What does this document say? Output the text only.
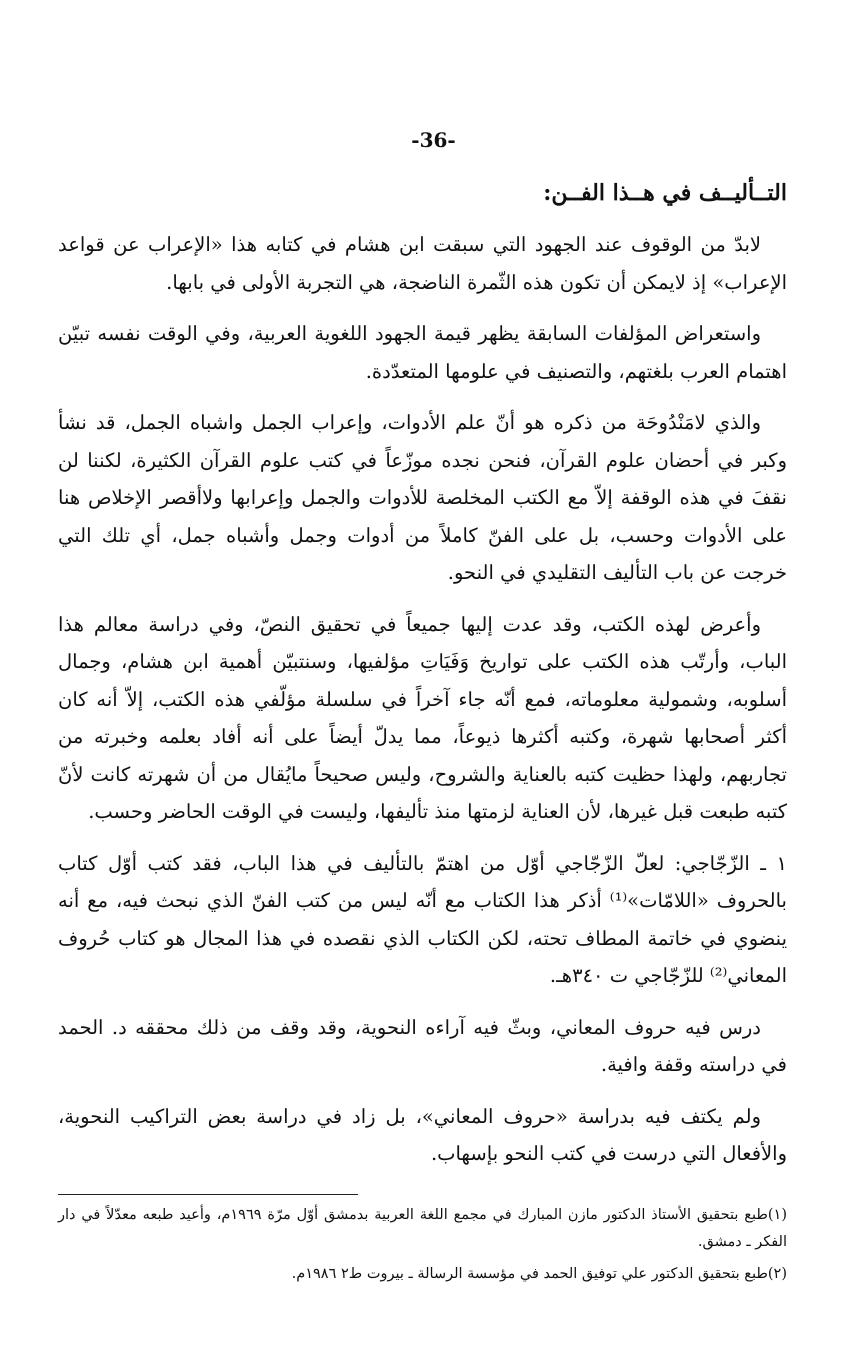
-36-
التــأليــف في هــذا الفــن:

لابدّ من الوقوف عند الجهود التي سبقت ابن هشام في كتابه هذا «الإعراب عن قواعد الإعراب» إذ لايمكن أن تكون هذه الثّمرة الناضجة، هي التجربة الأولى في بابها.

واستعراض المؤلفات السابقة يظهر قيمة الجهود اللغوية العربية، وفي الوقت نفسه تبيّن اهتمام العرب بلغتهم، والتصنيف في علومها المتعدّدة.

والذي لامَنْدُوحَة من ذكره هو أنّ علم الأدوات، وإعراب الجمل واشباه الجمل، قد نشأ وكبر في أحضان علوم القرآن، فنحن نجده موزّعاً في كتب علوم القرآن الكثيرة، لكننا لن نقفَ في هذه الوقفة إلاّ مع الكتب المخلصة للأدوات والجمل وإعرابها ولاأقصر الإخلاص هنا على الأدوات وحسب، بل على الفنّ كاملاً من أدوات وجمل وأشباه جمل، أي تلك التي خرجت عن باب التأليف التقليدي في النحو.

وأعرض لهذه الكتب، وقد عدت إليها جميعاً في تحقيق النصّ، وفي دراسة معالم هذا الباب، وأرتّب هذه الكتب على تواريخ وَفَيَاتِ مؤلفيها، وسنتبيّن أهمية ابن هشام، وجمال أسلوبه، وشمولية معلوماته، فمع أنّه جاء آخراً في سلسلة مؤلّفي هذه الكتب، إلاّ أنه كان أكثر أصحابها شهرة، وكتبه أكثرها ذيوعاً، مما يدلّ أيضاً على أنه أفاد بعلمه وخبرته من تجاربهم، ولهذا حظيت كتبه بالعناية والشروح، وليس صحيحاً مايُقال من أن شهرته كانت لأنّ كتبه طبعت قبل غيرها، لأن العناية لزمتها منذ تأليفها، وليست في الوقت الحاضر وحسب.

١ ـ الزّجّاجي: لعلّ الزّجّاجي أوّل من اهتمّ بالتأليف في هذا الباب، فقد كتب أوّل كتاب بالحروف «اللامّات»⁽¹⁾ أذكر هذا الكتاب مع أنّه ليس من كتب الفنّ الذي نبحث فيه، مع أنه ينضوي في خاتمة المطاف تحته، لكن الكتاب الذي نقصده في هذا المجال هو كتاب حُروف المعاني⁽²⁾ للزّجّاجي ت ٣٤٠هـ.

درس فيه حروف المعاني، وبثّ فيه آراءه النحوية، وقد وقف من ذلك محققه د. الحمد في دراسته وقفة وافية.

ولم يكتف فيه بدراسة «حروف المعاني»، بل زاد في دراسة بعض التراكيب النحوية، والأفعال التي درست في كتب النحو بإسهاب.

(١)طبع بتحقيق الأستاذ الدكتور مازن المبارك في مجمع اللغة العربية بدمشق أوّل مرّة ١٩٦٩م، وأعيد طبعه معدّلاً في دار الفكر ـ دمشق.
(٢)طبع بتحقيق الدكتور علي توفيق الحمد في مؤسسة الرسالة ـ بيروت ط٢ ١٩٨٦م.
